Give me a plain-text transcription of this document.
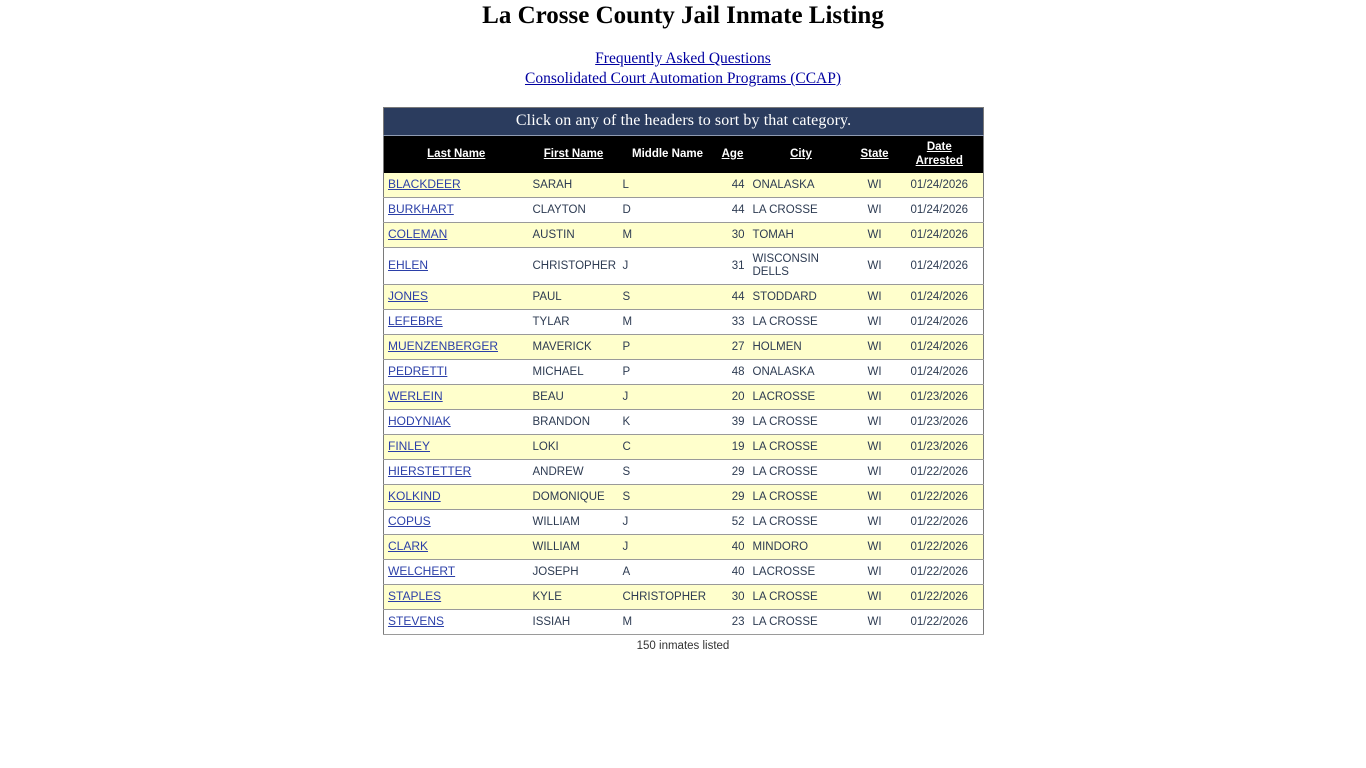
La Crosse County Jail Inmate Listing
Frequently Asked Questions
Consolidated Court Automation Programs (CCAP)
Click on any of the headers to sort by that category.						
Last Name	First Name	Middle Name	Age	City	State	Date
Arrested
BLACKDEER	SARAH	L	44	ONALASKA	WI	01/24/2026
BURKHART	CLAYTON	D	44	LA CROSSE	WI	01/24/2026
COLEMAN	AUSTIN	M	30	TOMAH	WI	01/24/2026
EHLEN	CHRISTOPHER	J	31	WISCONSIN DELLS	WI	01/24/2026
JONES	PAUL	S	44	STODDARD	WI	01/24/2026
LEFEBRE	TYLAR	M	33	LA CROSSE	WI	01/24/2026
MUENZENBERGER	MAVERICK	P	27	HOLMEN	WI	01/24/2026
PEDRETTI	MICHAEL	P	48	ONALASKA	WI	01/24/2026
WERLEIN	BEAU	J	20	LACROSSE	WI	01/23/2026
HODYNIAK	BRANDON	K	39	LA CROSSE	WI	01/23/2026
FINLEY	LOKI	C	19	LA CROSSE	WI	01/23/2026
HIERSTETTER	ANDREW	S	29	LA CROSSE	WI	01/22/2026
KOLKIND	DOMONIQUE	S	29	LA CROSSE	WI	01/22/2026
COPUS	WILLIAM	J	52	LA CROSSE	WI	01/22/2026
CLARK	WILLIAM	J	40	MINDORO	WI	01/22/2026
WELCHERT	JOSEPH	A	40	LACROSSE	WI	01/22/2026
STAPLES	KYLE	CHRISTOPHER	30	LA CROSSE	WI	01/22/2026
STEVENS	ISSIAH	M	23	LA CROSSE	WI	01/22/2026
150 inmates listed
